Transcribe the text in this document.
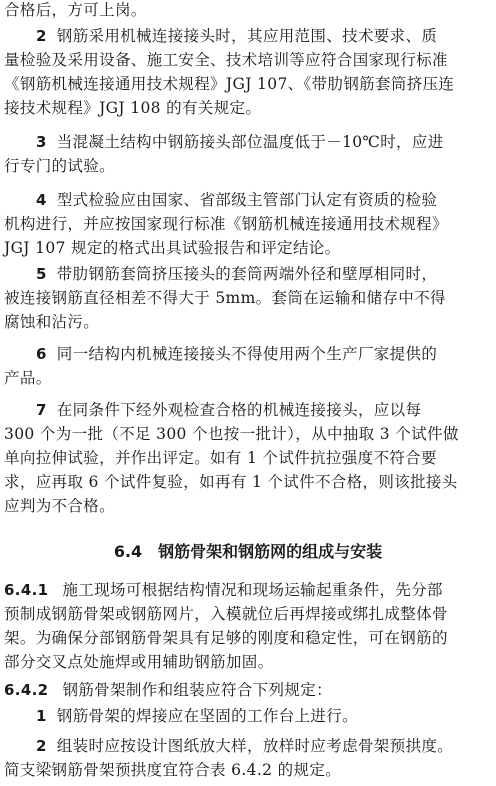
合格后，方可上岗。
2 钢筋采用机械连接接头时，其应用范围、技术要求、质
量检验及采用设备、施工安全、技术培训等应符合国家现行标准
《钢筋机械连接通用技术规程》JGJ 107、《带肋钢筋套筒挤压连
接技术规程》JGJ 108 的有关规定。
3 当混凝土结构中钢筋接头部位温度低于－10℃时，应进
行专门的试验。
4 型式检验应由国家、省部级主管部门认定有资质的检验
机构进行，并应按国家现行标准《钢筋机械连接通用技术规程》
JGJ 107 规定的格式出具试验报告和评定结论。
5 带肋钢筋套筒挤压接头的套筒两端外径和壁厚相同时，
被连接钢筋直径相差不得大于 5mm。套筒在运输和储存中不得
腐蚀和沾污。
6 同一结构内机械连接接头不得使用两个生产厂家提供的
产品。
7 在同条件下经外观检查合格的机械连接接头，应以每
300 个为一批（不足 300 个也按一批计），从中抽取 3 个试件做
单向拉伸试验，并作出评定。如有 1 个试件抗拉强度不符合要
求，应再取 6 个试件复验，如再有 1 个试件不合格，则该批接头
应判为不合格。
6.4 钢筋骨架和钢筋网的组成与安装
6.4.1 施工现场可根据结构情况和现场运输起重条件，先分部
预制成钢筋骨架或钢筋网片，入模就位后再焊接或绑扎成整体骨
架。为确保分部钢筋骨架具有足够的刚度和稳定性，可在钢筋的
部分交叉点处施焊或用辅助钢筋加固。
6.4.2 钢筋骨架制作和组装应符合下列规定：
1 钢筋骨架的焊接应在坚固的工作台上进行。
2 组装时应按设计图纸放大样，放样时应考虑骨架预拱度。
简支梁钢筋骨架预拱度宜符合表 6.4.2 的规定。
